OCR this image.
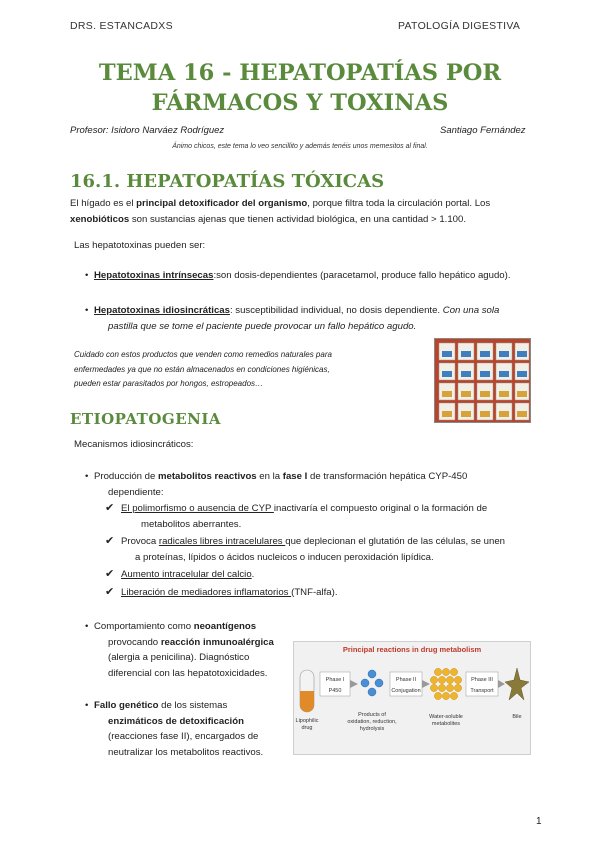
DRS. ESTANCADXS	PATOLOGÍA DIGESTIVA
TEMA 16 - HEPATOPATÍAS POR
FÁRMACOS Y TOXINAS
Profesor: Isidoro Narváez Rodríguez	Santiago Fernández
Ánimo chicos, este tema lo veo sencillito y además tenéis unos memesitos al final.
16.1. HEPATOPATÍAS TÓXICAS
El hígado es el principal detoxificador del organismo, porque filtra toda la circulación portal. Los
xenobióticos son sustancias ajenas que tienen actividad biológica, en una cantidad > 1.100.
Las hepatotoxinas pueden ser:
• Hepatotoxinas intrínsecas:son dosis-dependientes (paracetamol, produce fallo hepático agudo).
• Hepatotoxinas idiosincráticas: susceptibilidad individual, no dosis dependiente. Con una sola
pastilla que se tome el paciente puede provocar un fallo hepático agudo.
Cuidado con estos productos que venden como remedios naturales para
enfermedades ya que no están almacenados en condiciones higiénicas,
pueden estar parasitados por hongos, estropeados…
ETIOPATOGENIA
Mecanismos idiosincráticos:
• Producción de metabolitos reactivos en la fase I de transformación hepática CYP-450
dependiente:
✔ El polimorfismo o ausencia de CYP inactivaría el compuesto original o la formación de
metabolitos aberrantes.
✔ Provoca radicales libres intracelulares que deplecionan el glutatión de las células, se unen
a proteínas, lípidos o ácidos nucleicos o inducen peroxidación lipídica.
✔ Aumento intracelular del calcio.
✔ Liberación de mediadores inflamatorios (TNF-alfa).
• Comportamiento como neoantígenos
provocando reacción inmunoalérgica
(alergia a penicilina). Diagnóstico
diferencial con las hepatotoxicidades.
• Fallo genético de los sistemas
enzimáticos de detoxificación
(reacciones fase II), encargados de
neutralizar los metabolitos reactivos.
Principal reactions in drug metabolism
Lipophilic
drug
Phase I
P450
Products of
oxidation, reduction,
hydrolysis
Phase II
Conjugation
Water-soluble
metabolites
Phase III
Transport
Bile
1
